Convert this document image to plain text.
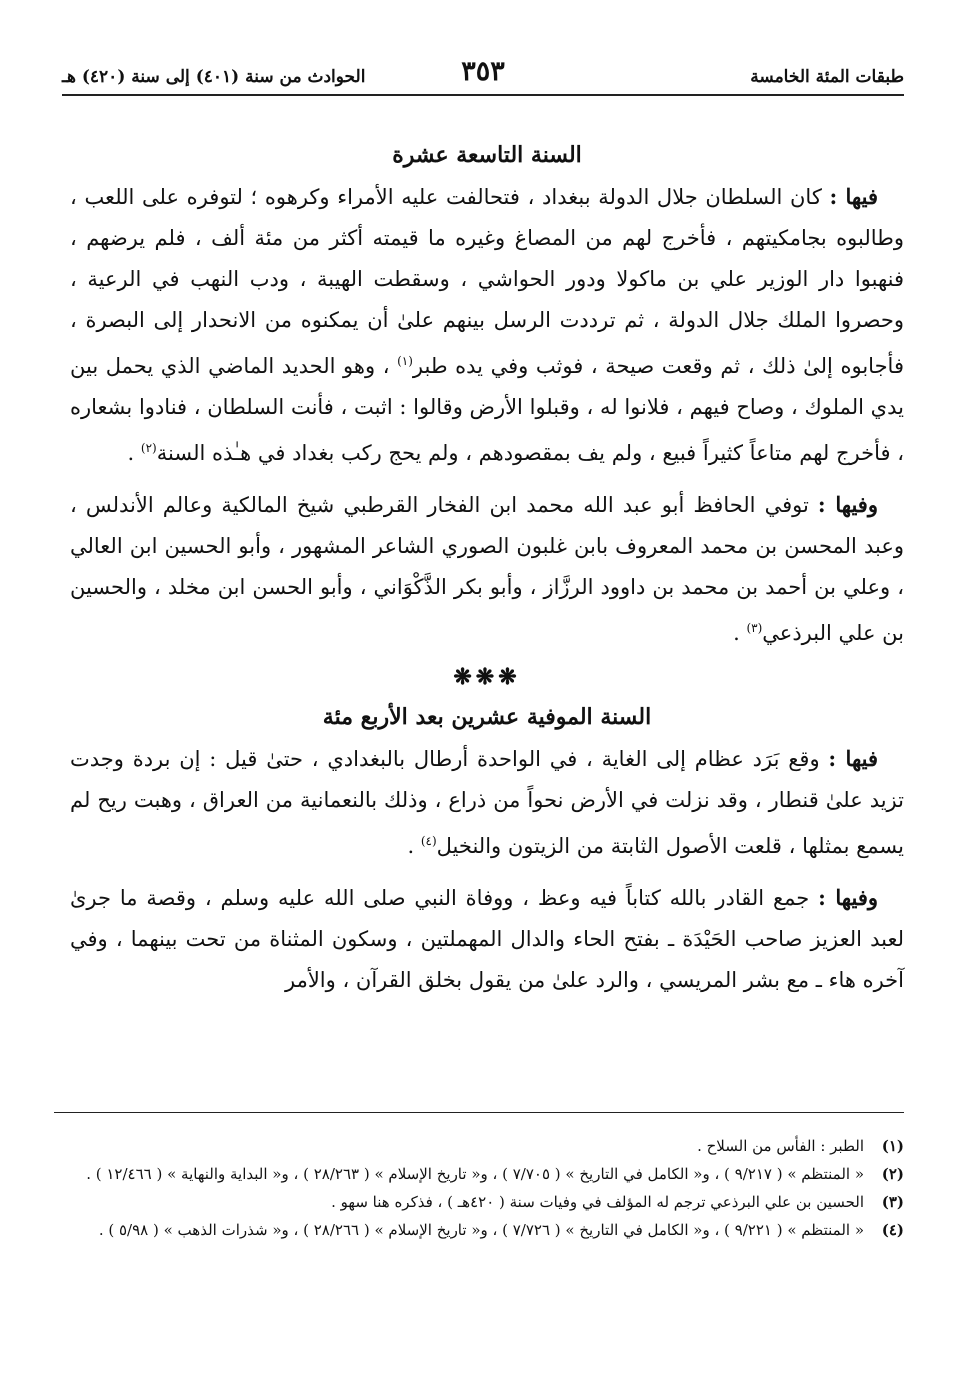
الحوادث من سنة (٤٠١) إلى سنة (٤٢٠) هـ	٣٥٣	طبقات المئة الخامسة
السنة التاسعة عشرة

فيها : كان السلطان جلال الدولة ببغداد ، فتحالفت عليه الأمراء وكرهوه ؛ لتوفره على اللعب ، وطالبوه بجامكيتهم ، فأخرج لهم من المصاغ وغيره ما قيمته أكثر من مئة ألف ، فلم يرضهم ، فنهبوا دار الوزير علي بن ماكولا ودور الحواشي ، وسقطت الهيبة ، ودب النهب في الرعية ، وحصروا الملك جلال الدولة ، ثم ترددت الرسل بينهم علىٰ أن يمكنوه من الانحدار إلى البصرة ، فأجابوه إلىٰ ذلك ، ثم وقعت صيحة ، فوثب وفي يده طبر$^{(١)}$ ، وهو الحديد الماضي الذي يحمل بين يدي الملوك ، وصاح فيهم ، فلانوا له ، وقبلوا الأرض وقالوا : اثبت ، فأنت السلطان ، فنادوا بشعاره ، فأخرج لهم متاعاً كثيراً فبيع ، ولم يف بمقصودهم ، ولم يحج ركب بغداد في هـٰذه السنة$^{(٢)}$ .

وفيها : توفي الحافظ أبو عبد الله محمد ابن الفخار القرطبي شيخ المالكية وعالم الأندلس ، وعبد المحسن بن محمد المعروف بابن غلبون الصوري الشاعر المشهور ، وأبو الحسين ابن العالي ، وعلي بن أحمد بن محمد بن داوود الرزَّاز ، وأبو بكر الذَّكْوَاني ، وأبو الحسن ابن مخلد ، والحسين بن علي البرذعي$^{(٣)}$ .

❋❋❋
السنة الموفية عشرين بعد الأربع مئة

فيها : وقع بَرَد عظام إلى الغاية ، في الواحدة أرطال بالبغدادي ، حتىٰ قيل : إن بردة وجدت تزيد علىٰ قنطار ، وقد نزلت في الأرض نحواً من ذراع ، وذلك بالنعمانية من العراق ، وهبت ريح لم يسمع بمثلها ، قلعت الأصول الثابتة من الزيتون والنخيل$^{(٤)}$ .

وفيها : جمع القادر بالله كتاباً فيه وعظ ، ووفاة النبي صلى الله عليه وسلم ، وقصة ما جرىٰ لعبد العزيز صاحب الحَيْدَة ـ بفتح الحاء والدال المهملتين ، وسكون المثناة من تحت بينهما ، وفي آخره هاء ـ مع بشر المريسي ، والرد علىٰ من يقول بخلق القرآن ، والأمر

(١)
الطبر : الفأس من السلاح .
(٢)
« المنتظم » ( ٩/٢١٧ ) ، و« الكامل في التاريخ » ( ٧/٧٠٥ ) ، و« تاريخ الإسلام » ( ٢٨/٢٦٣ ) ، و« البداية والنهاية » ( ١٢/٤٦٦ ) .
(٣)
الحسين بن علي البرذعي ترجم له المؤلف في وفيات سنة ( ٤٢٠هـ ) ، فذكره هنا سهو .
(٤)
« المنتظم » ( ٩/٢٢١ ) ، و« الكامل في التاريخ » ( ٧/٧٢٦ ) ، و« تاريخ الإسلام » ( ٢٨/٢٦٦ ) ، و« شذرات الذهب » ( ٥/٩٨ ) .
